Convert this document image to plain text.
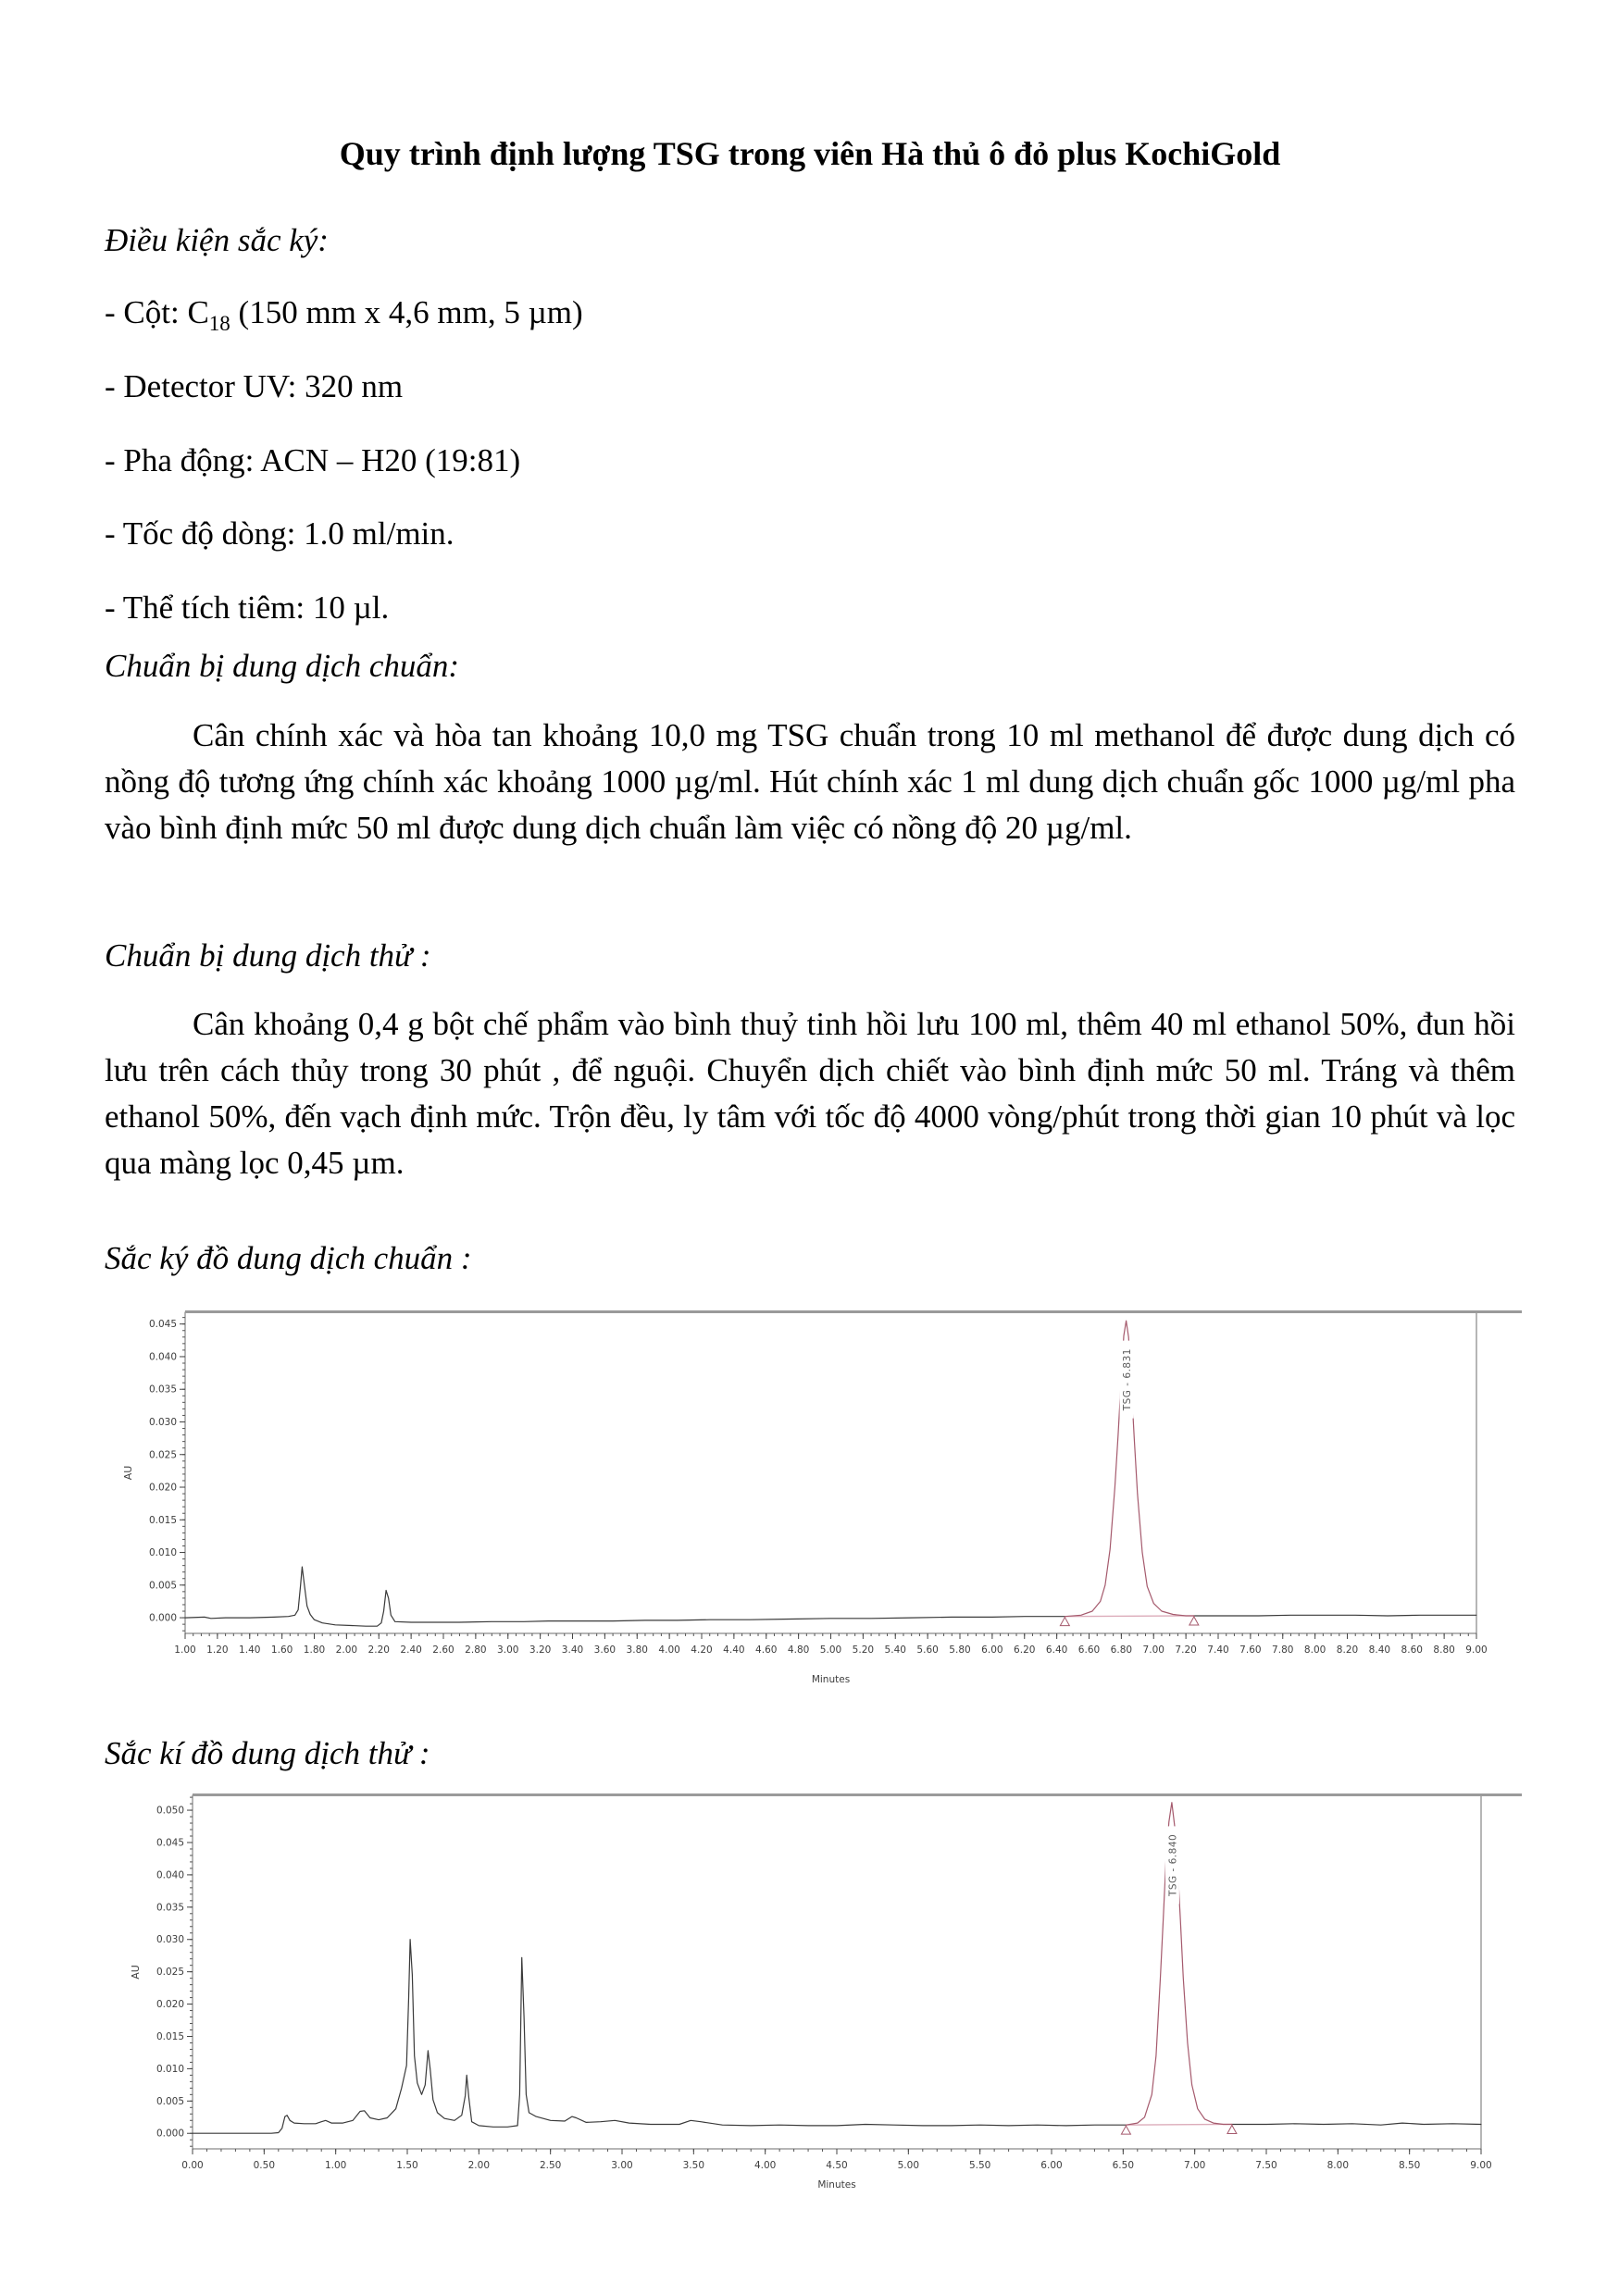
Quy trình định lượng TSG trong viên Hà thủ ô đỏ plus KochiGold
Điều kiện sắc ký:
- Cột: $C_{18}$ (150 mm x 4,6 mm, 5 µm)
- Detector UV: 320 nm
- Pha động: ACN – H20 (19:81)
- Tốc độ dòng: 1.0 ml/min.
- Thể tích tiêm: 10 µl.
Chuẩn bị dung dịch chuẩn:
Cân chính xác và hòa tan khoảng 10,0 mg TSG chuẩn trong 10 ml methanol để được dung dịch có nồng độ tương ứng chính xác khoảng 1000 µg/ml. Hút chính xác 1 ml dung dịch chuẩn gốc 1000 µg/ml pha vào bình định mức 50 ml được dung dịch chuẩn làm việc có nồng độ 20 µg/ml.
Chuẩn bị dung dịch thử :
Cân khoảng 0,4 g bột chế phẩm vào bình thuỷ tinh hồi lưu 100 ml, thêm 40 ml ethanol 50%, đun hồi lưu trên cách thủy trong 30 phút , để nguội. Chuyển dịch chiết vào bình định mức 50 ml. Tráng và thêm ethanol 50%, đến vạch định mức. Trộn đều, ly tâm với tốc độ 4000 vòng/phút trong thời gian 10 phút và lọc qua màng lọc 0,45 µm.
Sắc ký đồ dung dịch chuẩn :
0.000
0.005
0.010
0.015
0.020
0.025
0.030
0.035
0.040
0.045
1.00 1.20 1.40 1.60 1.80 2.00 2.20 2.40 2.60 2.80 3.00 3.20 3.40 3.60 3.80 4.00 4.20 4.40 4.60 4.80 5.00 5.20 5.40 5.60 5.80 6.00 6.20 6.40 6.60 6.80 7.00 7.20 7.40 7.60 7.80 8.00 8.20 8.40 8.60 8.80 9.00
Minutes
AU
TSG - 6.831
Sắc kí đồ dung dịch thử :
0.000
0.005
0.010
0.015
0.020
0.025
0.030
0.035
0.040
0.045
0.050
0.00	0.50	1.00	1.50	2.00	2.50	3.00	3.50	4.00	4.50	5.00	5.50	6.00	6.50	7.00	7.50	8.00	8.50	9.00
Minutes
AU
TSG - 6.840
